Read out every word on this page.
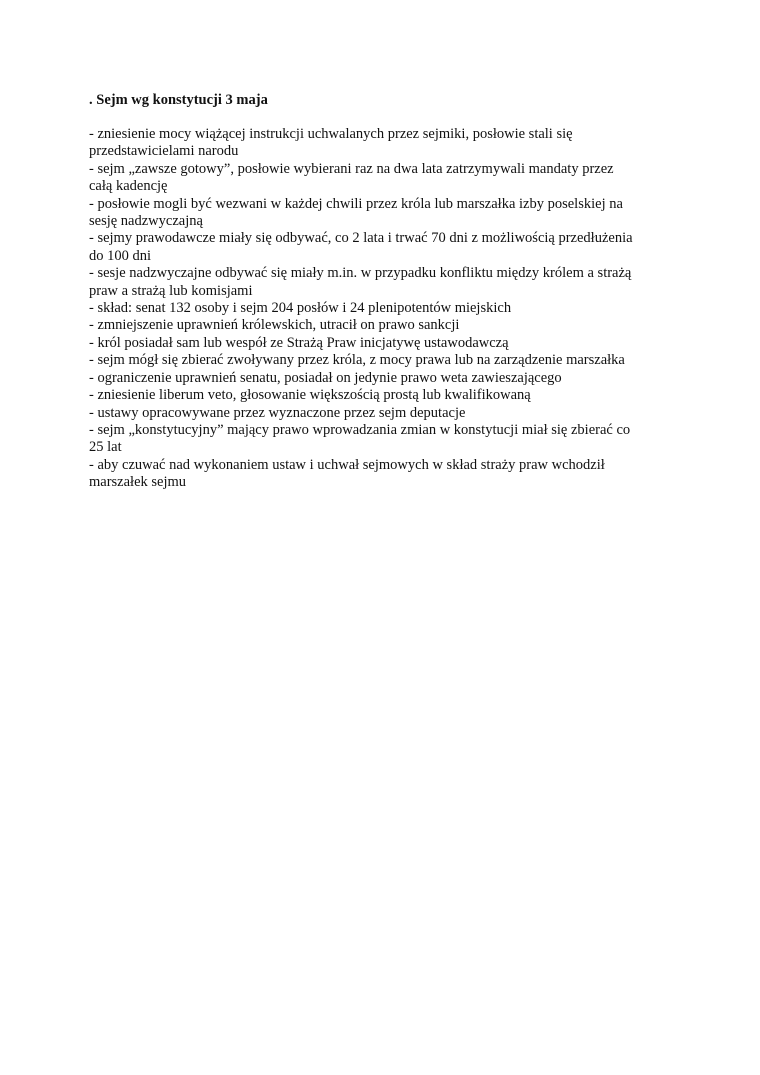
. Sejm wg konstytucji 3 maja

- zniesienie mocy wiążącej instrukcji uchwalanych przez sejmiki, posłowie stali się

przedstawicielami narodu

- sejm „zawsze gotowy”, posłowie wybierani raz na dwa lata zatrzymywali mandaty przez

całą kadencję

- posłowie mogli być wezwani w każdej chwili przez króla lub marszałka izby poselskiej na

sesję nadzwyczajną

- sejmy prawodawcze miały się odbywać, co 2 lata i trwać 70 dni z możliwością przedłużenia

do 100 dni

- sesje nadzwyczajne odbywać się miały m.in. w przypadku konfliktu między królem a strażą

praw a strażą lub komisjami

- skład: senat 132 osoby i sejm 204 posłów i 24 plenipotentów miejskich

- zmniejszenie uprawnień królewskich, utracił on prawo sankcji

- król posiadał sam lub wespół ze Strażą Praw inicjatywę ustawodawczą

- sejm mógł się zbierać zwoływany przez króla, z mocy prawa lub na zarządzenie marszałka

- ograniczenie uprawnień senatu, posiadał on jedynie prawo weta zawieszającego

- zniesienie liberum veto, głosowanie większością prostą lub kwalifikowaną

- ustawy opracowywane przez wyznaczone przez sejm deputacje

- sejm „konstytucyjny” mający prawo wprowadzania zmian w konstytucji miał się zbierać co

25 lat

- aby czuwać nad wykonaniem ustaw i uchwał sejmowych w skład straży praw wchodził

marszałek sejmu
